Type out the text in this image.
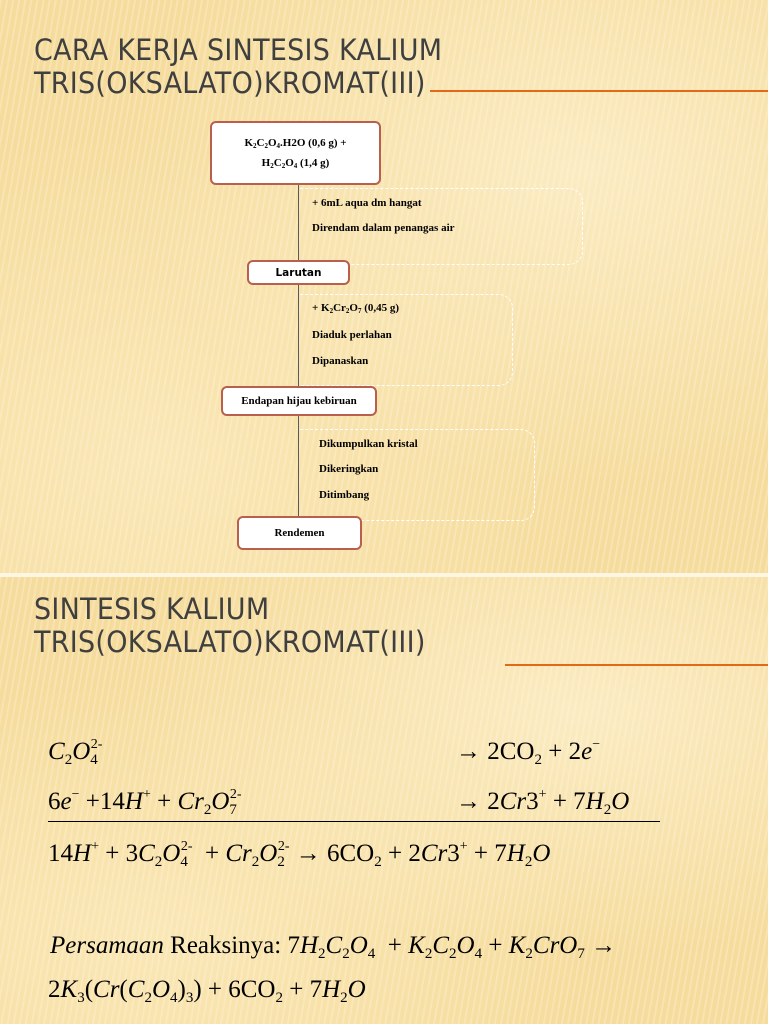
CARA KERJA SINTESIS KALIUM
TRIS(OKSALATO)KROMAT(III)
$K_2C_2O_4.H2O$ (0,6 g) +
$H_2C_2O_4$ (1,4 g)
+ 6mL aqua dm hangat
Direndam dalam penangas air
Larutan
+ $K_2Cr_2O_7$ (0,45 g)
Diaduk perlahan
Dipanaskan
Endapan hijau kebiruan
Dikumpulkan kristal
Dikeringkan
Ditimbang
Rendemen
SINTESIS KALIUM
TRIS(OKSALATO)KROMAT(III)
$C_2O_4^{2-}$	→ $2CO_2 + 2e^-$
$6e^- +14H^+ + Cr_2O_7^{2-}$	→ $2Cr3^+ + 7H_2O$
$14H^+ + 3C_2O_4^{2-} + Cr_2O_2^{2-} \to 6CO_2 + 2Cr3^+ + 7H_2O$
Persamaan Reaksinya: $7H_2C_2O_4 + K_2C_2O_4 + K_2CrO_7$ →
$2K_3(Cr(C_2O_4)_3) + 6CO_2 + 7H_2O$
